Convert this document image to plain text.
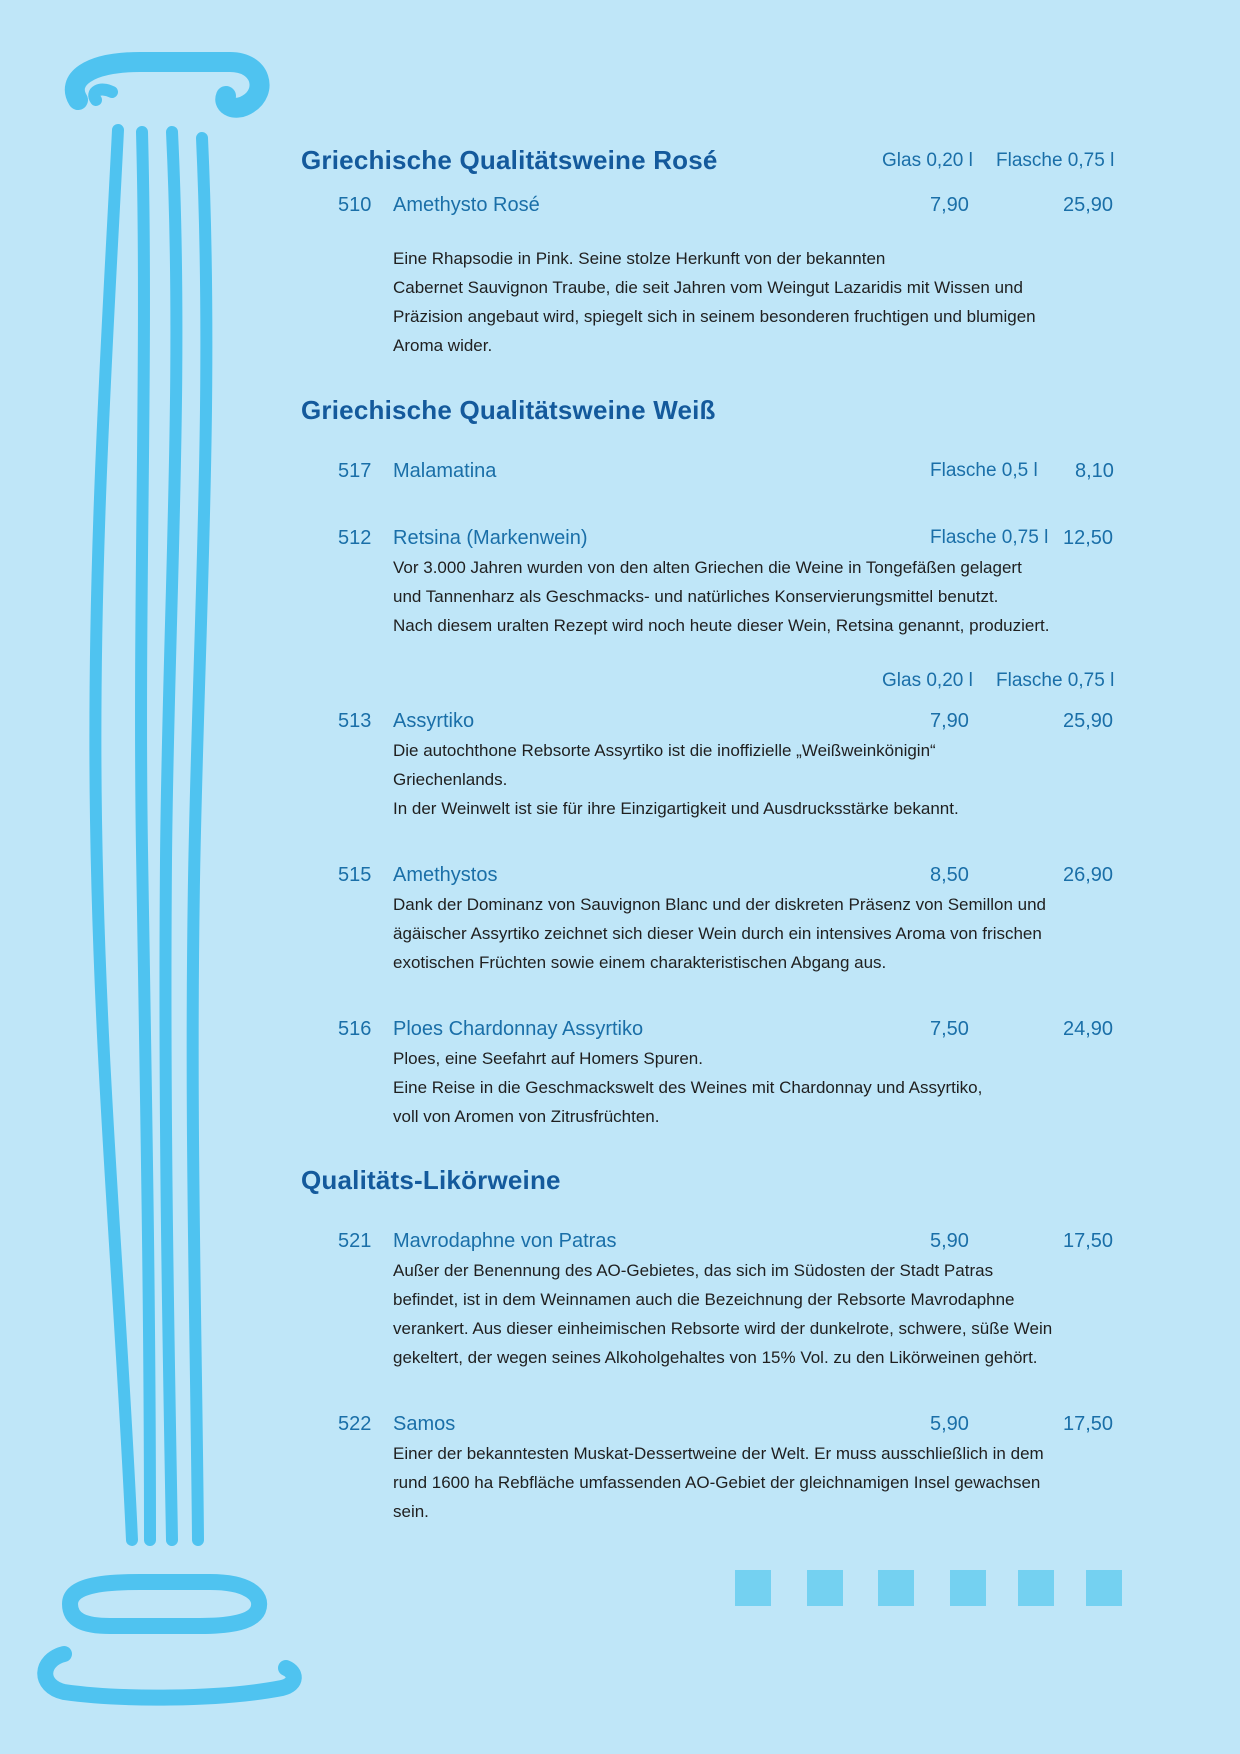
Griechische Qualitätsweine Rosé	Glas 0,20 l Flasche 0,75 l
510 Amethysto Rosé	7,90	25,90
Eine Rhapsodie in Pink. Seine stolze Herkunft von der bekannten
Cabernet Sauvignon Traube, die seit Jahren vom Weingut Lazaridis mit Wissen und
Präzision angebaut wird, spiegelt sich in seinem besonderen fruchtigen und blumigen
Aroma wider.
Griechische Qualitätsweine Weiß
517 Malamatina	Flasche 0,5 l 8,10
512 Retsina (Markenwein)	Flasche 0,75 l 12,50
Vor 3.000 Jahren wurden von den alten Griechen die Weine in Tongefäßen gelagert
und Tannenharz als Geschmacks- und natürliches Konservierungsmittel benutzt.
Nach diesem uralten Rezept wird noch heute dieser Wein, Retsina genannt, produziert.
Glas 0,20 l Flasche 0,75 l
513 Assyrtiko	7,90	25,90
Die autochthone Rebsorte Assyrtiko ist die inoffizielle „Weißweinkönigin“
Griechenlands.
In der Weinwelt ist sie für ihre Einzigartigkeit und Ausdrucksstärke bekannt.
515 Amethystos	8,50	26,90
Dank der Dominanz von Sauvignon Blanc und der diskreten Präsenz von Semillon und
ägäischer Assyrtiko zeichnet sich dieser Wein durch ein intensives Aroma von frischen
exotischen Früchten sowie einem charakteristischen Abgang aus.
516 Ploes Chardonnay Assyrtiko	7,50	24,90
Ploes, eine Seefahrt auf Homers Spuren.
Eine Reise in die Geschmackswelt des Weines mit Chardonnay und Assyrtiko,
voll von Aromen von Zitrusfrüchten.
Qualitäts-Likörweine
521 Mavrodaphne von Patras	5,90	17,50
Außer der Benennung des AO-Gebietes, das sich im Südosten der Stadt Patras
befindet, ist in dem Weinnamen auch die Bezeichnung der Rebsorte Mavrodaphne
verankert. Aus dieser einheimischen Rebsorte wird der dunkelrote, schwere, süße Wein
gekeltert, der wegen seines Alkoholgehaltes von 15% Vol. zu den Likörweinen gehört.
522 Samos	5,90	17,50
Einer der bekanntesten Muskat-Dessertweine der Welt. Er muss ausschließlich in dem
rund 1600 ha Rebfläche umfassenden AO-Gebiet der gleichnamigen Insel gewachsen
sein.
